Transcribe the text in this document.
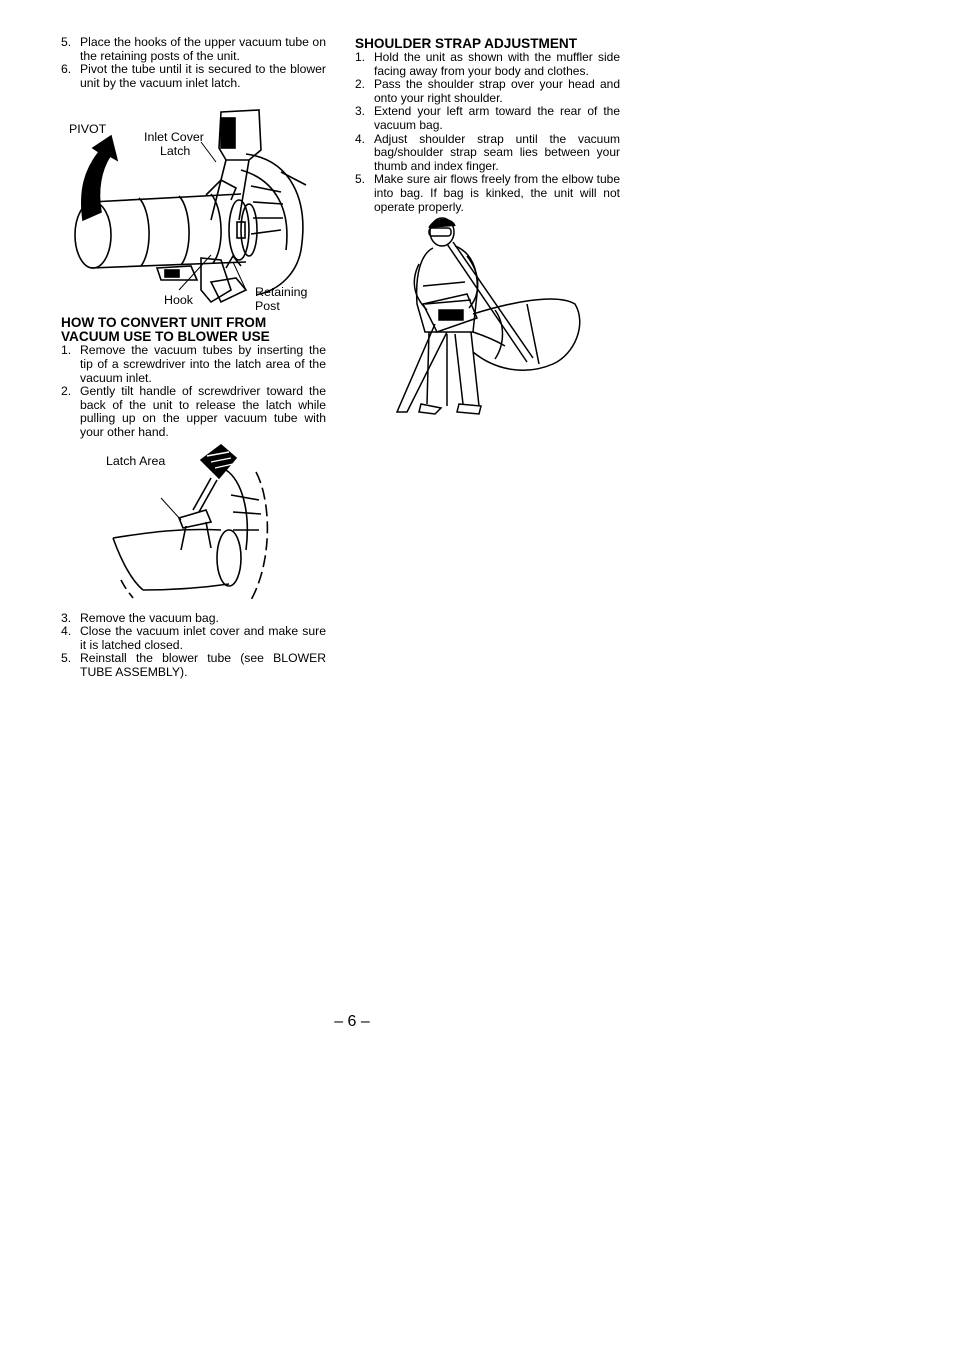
5. Place the hooks of the upper vacuum tube on the retaining posts of the unit.
6. Pivot the tube until it is secured to the blower unit by the vacuum inlet latch.
PIVOT
Inlet Cover
Latch
Hook
Retaining
Post
HOW TO CONVERT UNIT FROM
VACUUM USE TO BLOWER USE
1. Remove the vacuum tubes by inserting the tip of a screwdriver into the latch area of the vacuum inlet.
2. Gently tilt handle of screwdriver toward the back of the unit to release the latch while pulling up on the upper vacuum tube with your other hand.
Latch Area
3. Remove the vacuum bag.
4. Close the vacuum inlet cover and make sure it is latched closed.
5. Reinstall the blower tube (see BLOWER TUBE ASSEMBLY).
SHOULDER STRAP ADJUSTMENT
1. Hold the unit as shown with the muffler side facing away from your body and clothes.
2. Pass the shoulder strap over your head and onto your right shoulder.
3. Extend your left arm toward the rear of the vacuum bag.
4. Adjust shoulder strap until the vacuum bag/shoulder strap seam lies between your thumb and index finger.
5. Make sure air flows freely from the elbow tube into bag. If bag is kinked, the unit will not operate properly.
– 6 –
